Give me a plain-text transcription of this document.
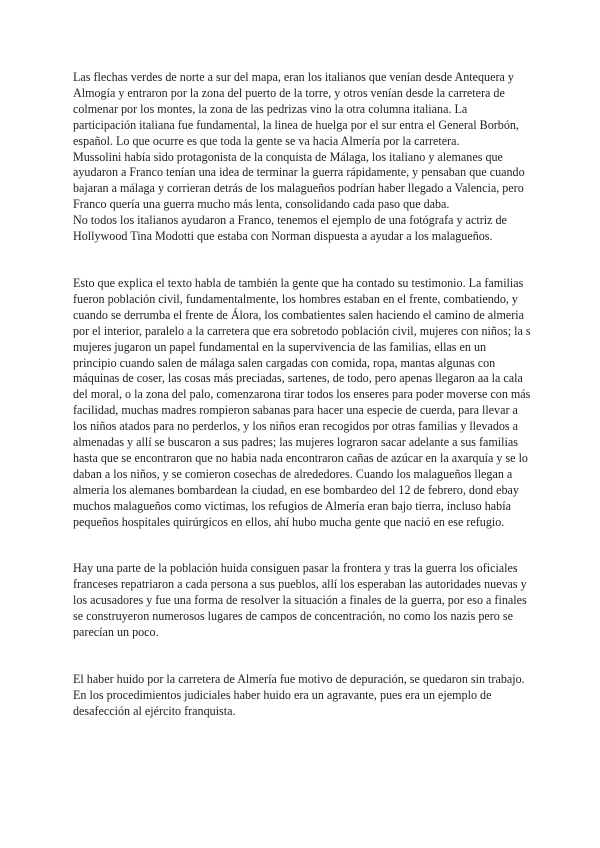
Las flechas verdes de norte a sur del mapa, eran los italianos que venían desde Antequera y Almogía y entraron por la zona del puerto de la torre, y otros venían desde la carretera de colmenar por los montes, la zona de las pedrizas vino la otra columna italiana. La participación italiana fue fundamental, la linea de huelga por el sur entra el General Borbón, español. Lo que ocurre es que toda la gente se va hacia Almería por la carretera.

Mussolini había sido protagonista de la conquista de Málaga, los italiano y alemanes que ayudaron a Franco tenían una idea de terminar la guerra rápidamente, y pensaban que cuando bajaran a málaga y corrieran detrás de los malagueños podrían haber llegado a Valencia, pero Franco quería una guerra mucho más lenta, consolidando cada paso que daba.

No todos los italianos ayudaron a Franco, tenemos el ejemplo de una fotógrafa y actriz de Hollywood Tina Modotti que estaba con Norman dispuesta a ayudar a los malagueños.

Esto que explica el texto habla de también la gente que ha contado su testimonio. La familias fueron población civil, fundamentalmente, los hombres estaban en el frente, combatiendo, y cuando se derrumba el frente de Álora, los combatientes salen haciendo el camino de almeria por el interior, paralelo a la carretera que era sobretodo población civil, mujeres con niños; la s mujeres jugaron un papel fundamental en la supervivencia de las familias, ellas en un principio cuando salen de málaga salen cargadas con comida, ropa, mantas algunas con máquinas de coser, las cosas más preciadas, sartenes, de todo, pero apenas llegaron aa la cala del moral, o la zona del palo, comenzarona tirar todos los enseres para poder moverse con más facilidad, muchas madres rompieron sabanas para hacer una especie de cuerda, para llevar a los niños atados para no perderlos, y los niños eran recogidos por otras familias y llevados a almenadas y allí se buscaron a sus padres; las mujeres lograron sacar adelante a sus familias hasta que se encontraron que no habia nada encontraron cañas de azúcar en la axarquía y se lo daban a los niños, y se comieron cosechas de alrededores. Cuando los malagueños llegan a almeria los alemanes bombardean la ciudad, en ese bombardeo del 12 de febrero, dond ebay muchos malagueños como victimas, los refugios de Almería eran bajo tierra, incluso había pequeños hospitales quirúrgicos en ellos, ahí hubo mucha gente que nació en ese refugio.

Hay una parte de la población huida consiguen pasar la frontera y tras la guerra los oficiales franceses repatriaron a cada persona a sus pueblos, allí los esperaban las autoridades nuevas y los acusadores y fue una forma de resolver la situación a finales de la guerra, por eso a finales se construyeron numerosos lugares de campos de concentración, no como los nazis pero se parecían un poco.

El haber huido por la carretera de Almería fue motivo de depuración, se quedaron sin trabajo. En los procedimientos judiciales haber huido era un agravante, pues era un ejemplo de desafección al ejército franquista.
